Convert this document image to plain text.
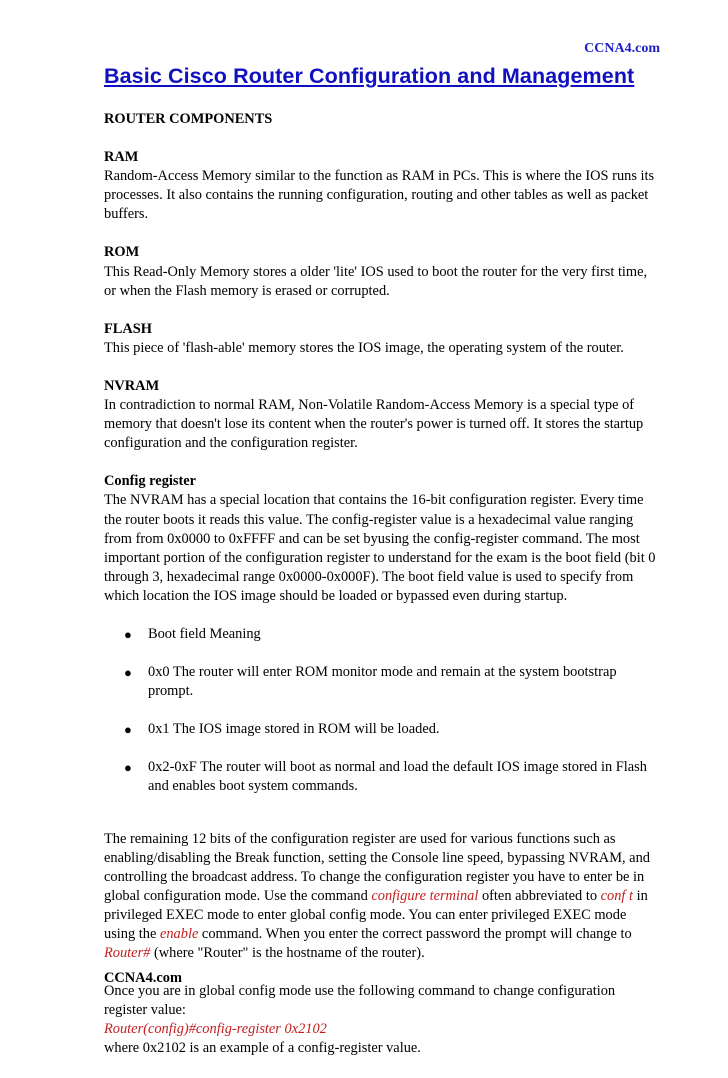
CCNA4.com
Basic Cisco Router Configuration and Management

ROUTER COMPONENTS

RAM
Random-Access Memory similar to the function as RAM in PCs. This is where the IOS runs its processes. It also contains the running configuration, routing and other tables as well as packet buffers.

ROM
This Read-Only Memory stores a older 'lite' IOS used to boot the router for the very first time, or when the Flash memory is erased or corrupted.

FLASH
This piece of 'flash-able' memory stores the IOS image, the operating system of the router.

NVRAM
In contradiction to normal RAM, Non-Volatile Random-Access Memory is a special type of memory that doesn't lose its content when the router's power is turned off. It stores the startup configuration and the configuration register.

Config register
The NVRAM has a special location that contains the 16-bit configuration register. Every time the router boots it reads this value. The config-register value is a hexadecimal value ranging from from 0x0000 to 0xFFFF and can be set byusing the config-register command. The most important portion of the configuration register to understand for the exam is the boot field (bit 0 through 3, hexadecimal range 0x0000-0x000F). The boot field value is used to specify from which location the IOS image should be loaded or bypassed even during startup.

● Boot field Meaning
● 0x0 The router will enter ROM monitor mode and remain at the system bootstrap prompt.
● 0x1 The IOS image stored in ROM will be loaded.
● 0x2-0xF The router will boot as normal and load the default IOS image stored in Flash and enables boot system commands.

The remaining 12 bits of the configuration register are used for various functions such as enabling/disabling the Break function, setting the Console line speed, bypassing NVRAM, and controlling the broadcast address. To change the configuration register you have to enter be in global configuration mode. Use the command configure terminal often abbreviated to conf t in privileged EXEC mode to enter global config mode. You can enter privileged EXEC mode using the enable command. When you enter the correct password the prompt will change to Router# (where "Router" is the hostname of the router).

Once you are in global config mode use the following command to change configuration register value:
Router(config)#config-register 0x2102
where 0x2102 is an example of a config-register value.

CCNA4.com
